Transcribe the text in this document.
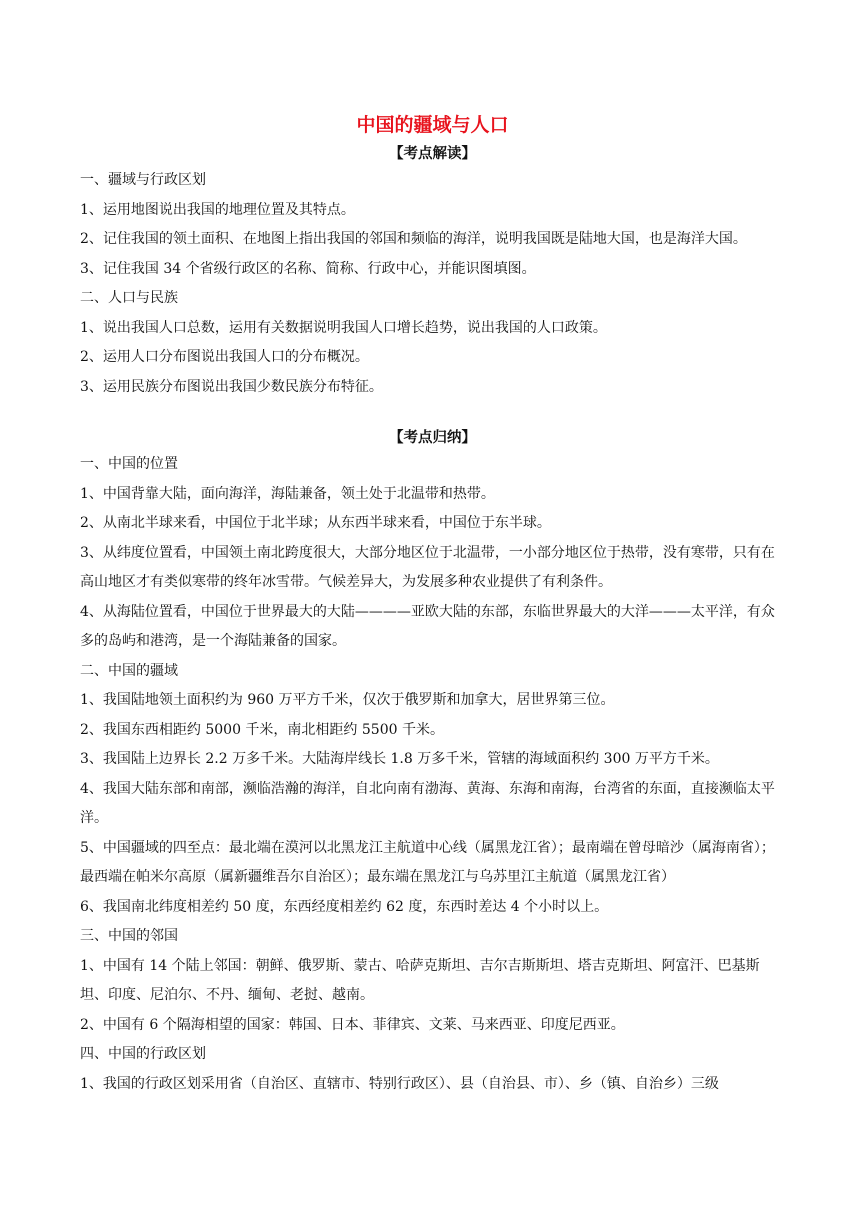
中国的疆域与人口
【考点解读】
一、疆域与行政区划
1、运用地图说出我国的地理位置及其特点。
2、记住我国的领土面积、在地图上指出我国的邻国和频临的海洋，说明我国既是陆地大国，也是海洋大国。
3、记住我国 34 个省级行政区的名称、简称、行政中心，并能识图填图。
二、人口与民族
1、说出我国人口总数，运用有关数据说明我国人口增长趋势，说出我国的人口政策。
2、运用人口分布图说出我国人口的分布概况。
3、运用民族分布图说出我国少数民族分布特征。
【考点归纳】
一、中国的位置
1、中国背靠大陆，面向海洋，海陆兼备，领土处于北温带和热带。
2、从南北半球来看，中国位于北半球；从东西半球来看，中国位于东半球。
3、从纬度位置看，中国领土南北跨度很大，大部分地区位于北温带，一小部分地区位于热带，没有寒带，只有在高山地区才有类似寒带的终年冰雪带。气候差异大，为发展多种农业提供了有利条件。
4、从海陆位置看，中国位于世界最大的大陆————亚欧大陆的东部，东临世界最大的大洋———太平洋，有众多的岛屿和港湾，是一个海陆兼备的国家。
二、中国的疆域
1、我国陆地领土面积约为 960 万平方千米，仅次于俄罗斯和加拿大，居世界第三位。
2、我国东西相距约 5000 千米，南北相距约 5500 千米。
3、我国陆上边界长 2.2 万多千米。大陆海岸线长 1.8 万多千米，管辖的海域面积约 300 万平方千米。
4、我国大陆东部和南部，濒临浩瀚的海洋，自北向南有渤海、黄海、东海和南海，台湾省的东面，直接濒临太平洋。
5、中国疆域的四至点：最北端在漠河以北黑龙江主航道中心线（属黑龙江省）；最南端在曾母暗沙（属海南省）；最西端在帕米尔高原（属新疆维吾尔自治区）；最东端在黑龙江与乌苏里江主航道（属黑龙江省）
6、我国南北纬度相差约 50 度，东西经度相差约 62 度，东西时差达 4 个小时以上。
三、中国的邻国
1、中国有 14 个陆上邻国：朝鲜、俄罗斯、蒙古、哈萨克斯坦、吉尔吉斯斯坦、塔吉克斯坦、阿富汗、巴基斯坦、印度、尼泊尔、不丹、缅甸、老挝、越南。
2、中国有 6 个隔海相望的国家：韩国、日本、菲律宾、文莱、马来西亚、印度尼西亚。
四、中国的行政区划
1、我国的行政区划采用省（自治区、直辖市、特别行政区）、县（自治县、市）、乡（镇、自治乡）三级
